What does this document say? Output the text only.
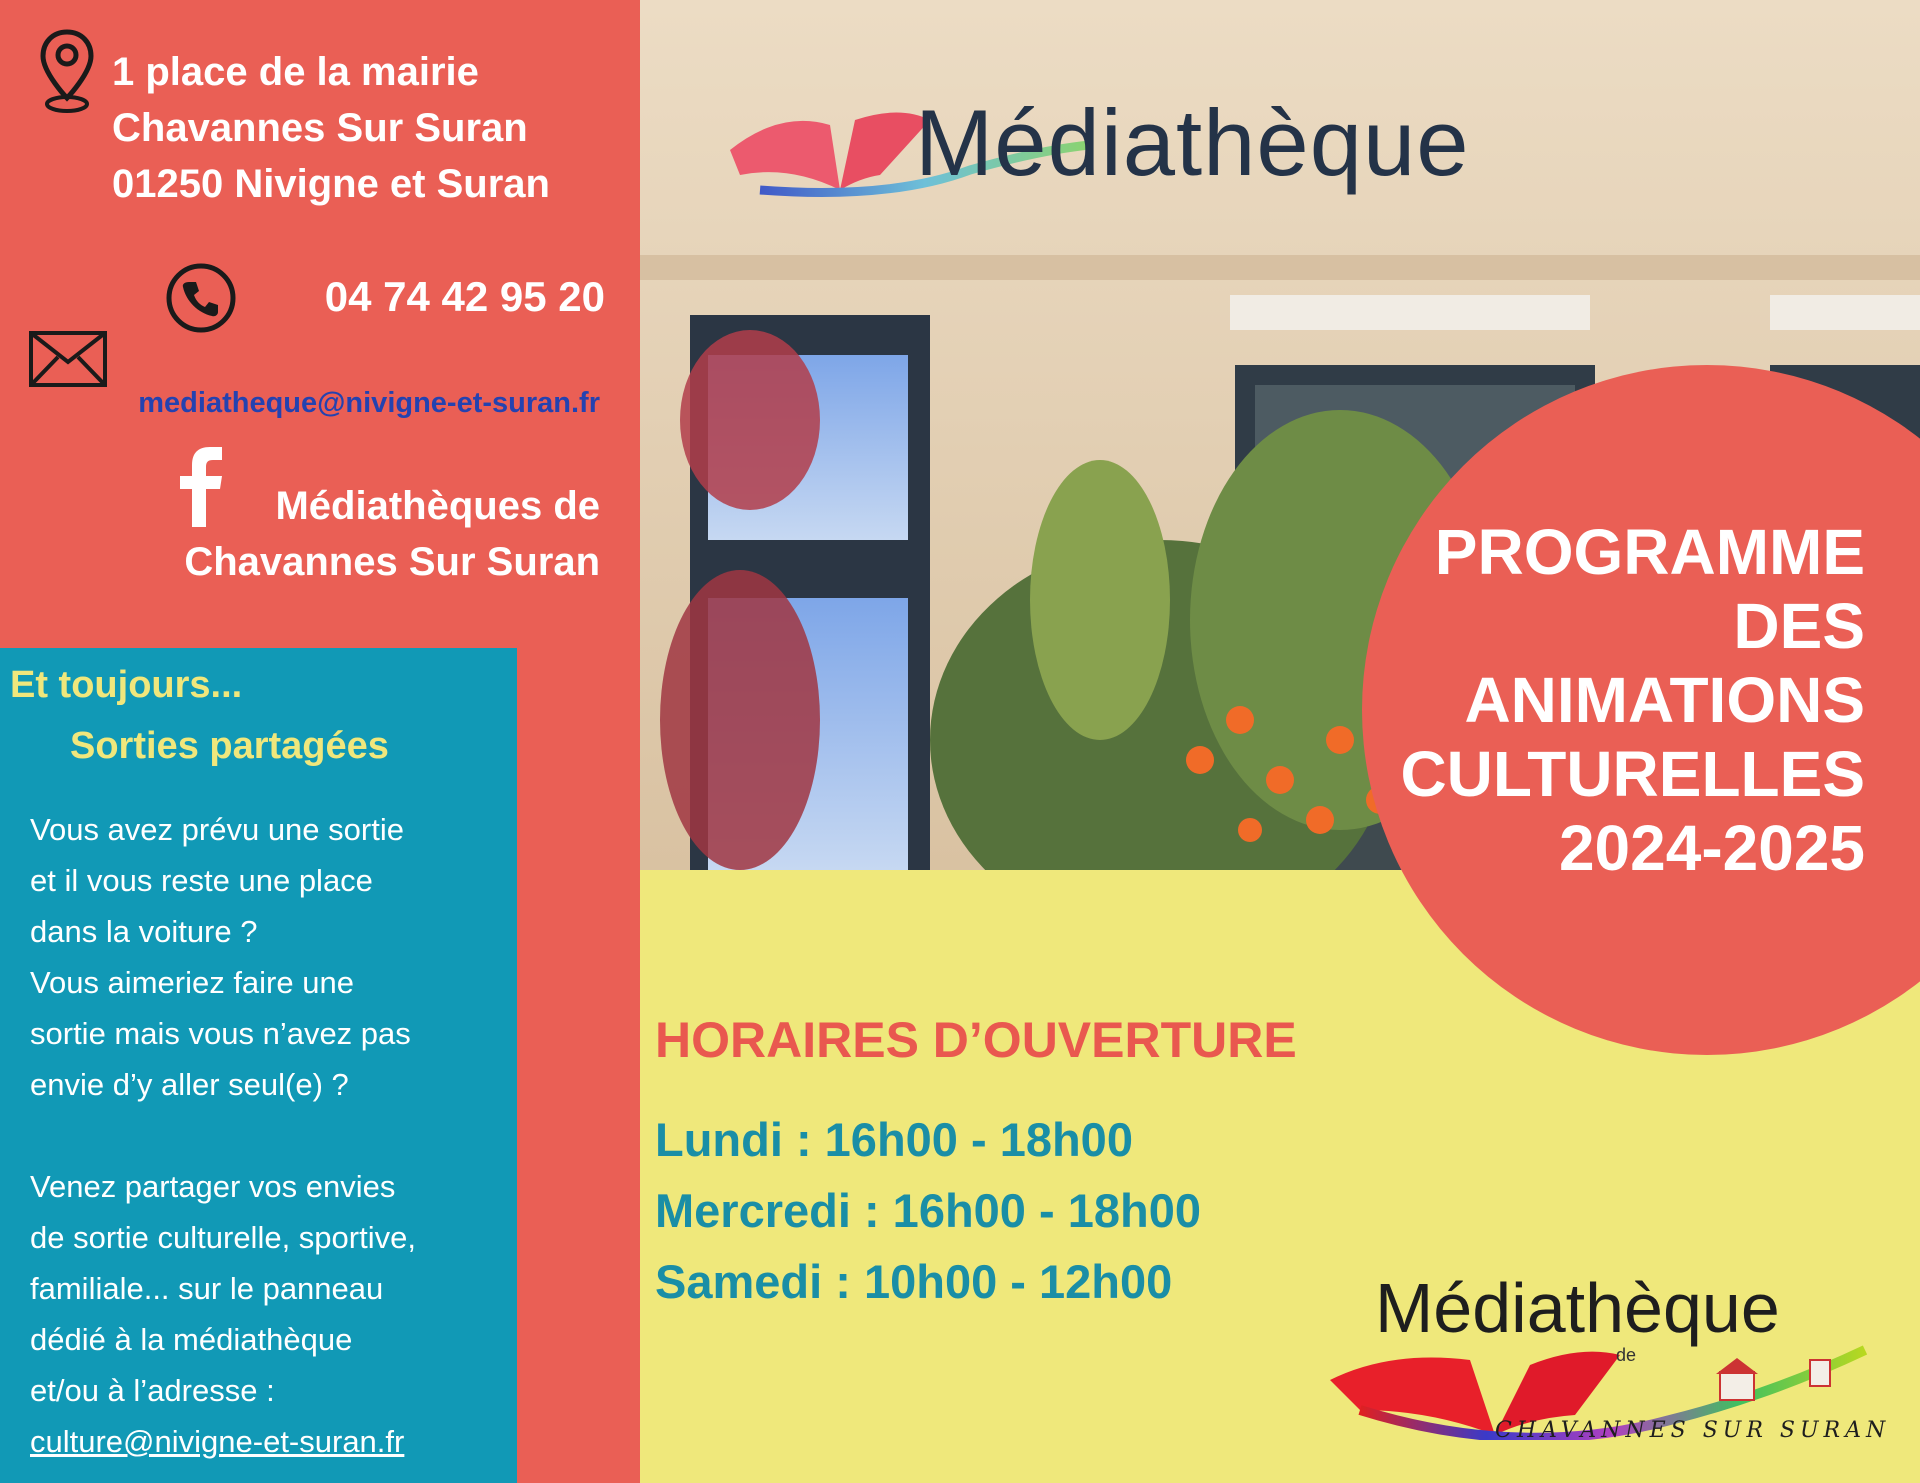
1 place de la mairie
Chavannes Sur Suran
01250 Nivigne et Suran
04 74 42 95 20
mediatheque@nivigne-et-suran.fr
Médiathèques de
Chavannes Sur Suran
Et toujours...
Sorties partagées

Vous avez prévu une sortie

et il vous reste une place

dans la voiture ?

Vous aimeriez faire une

sortie mais vous n’avez pas

envie d’y aller seul(e) ?

Venez partager vos envies

de sortie culturelle, sportive,

familiale... sur le panneau

dédié à la médiathèque

et/ou à l’adresse :

culture@nivigne-et-suran.fr

Médiathèque
HORAIRES D’OUVERTURE
Lundi : 16h00 - 18h00
Mercredi : 16h00 - 18h00
Samedi : 10h00 - 12h00
PROGRAMME
DES
ANIMATIONS
CULTURELLES
2024-2025
Médiathèque
de
CHAVANNES SUR SURAN
